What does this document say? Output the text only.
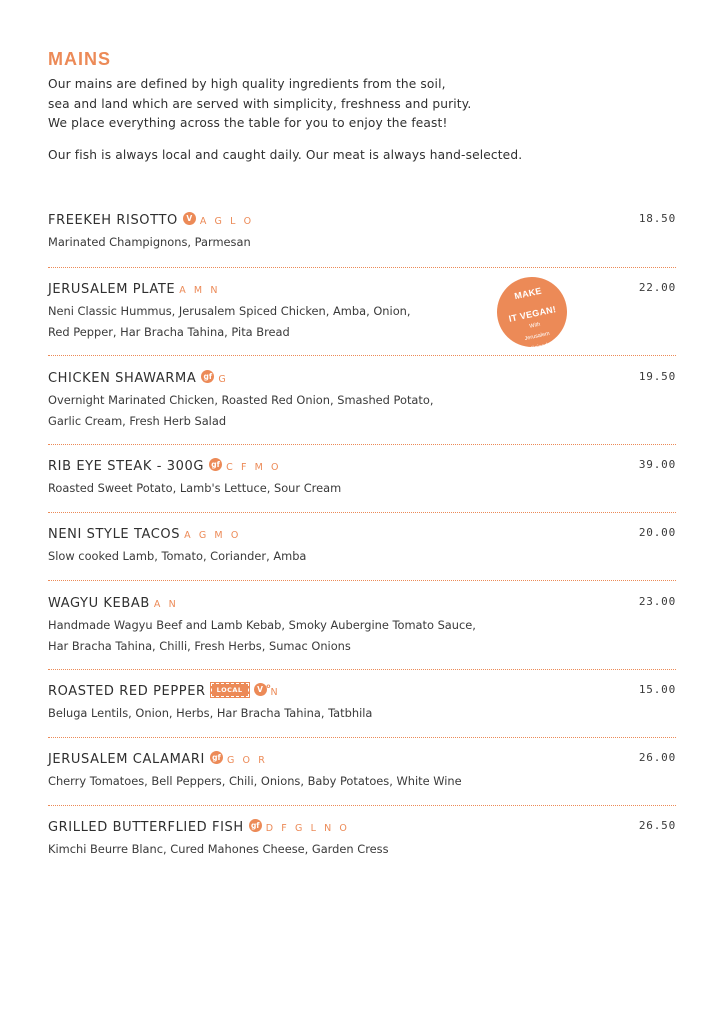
MAINS

Our mains are defined by high quality ingredients from the soil,

sea and land which are served with simplicity, freshness and purity.

We place everything across the table for you to enjoy the feast!

Our fish is always local and caught daily. Our meat is always hand-selected.

FREEKEH RISOTTO V A G L O	18.50

Marinated Champignons, Parmesan

JERUSALEM PLATE A M N	22.00

Neni Classic Hummus, Jerusalem Spiced Chicken, Amba, Onion,

Red Pepper, Har Bracha Tahina, Pita Bread

MAKE
IT VEGAN!
With
Jerusalem
Spiced
Mushroom
CHICKEN SHAWARMA gf G	19.50

Overnight Marinated Chicken, Roasted Red Onion, Smashed Potato,

Garlic Cream, Fresh Herb Salad

RIB EYE STEAK - 300G gf C F M O	39.00

Roasted Sweet Potato, Lamb's Lettuce, Sour Cream

NENI STYLE TACOS A G M O	20.00

Slow cooked Lamb, Tomato, Coriander, Amba

WAGYU KEBAB A N	23.00

Handmade Wagyu Beef and Lamb Kebab, Smoky Aubergine Tomato Sauce,

Har Bracha Tahina, Chilli, Fresh Herbs, Sumac Onions

ROASTED RED PEPPER LOCAL V o
N	15.00

Beluga Lentils, Onion, Herbs, Har Bracha Tahina, Tatbhila

JERUSALEM CALAMARI gf G O R	26.00

Cherry Tomatoes, Bell Peppers, Chili, Onions, Baby Potatoes, White Wine

GRILLED BUTTERFLIED FISH gf D F G L N O	26.50

Kimchi Beurre Blanc, Cured Mahones Cheese, Garden Cress
